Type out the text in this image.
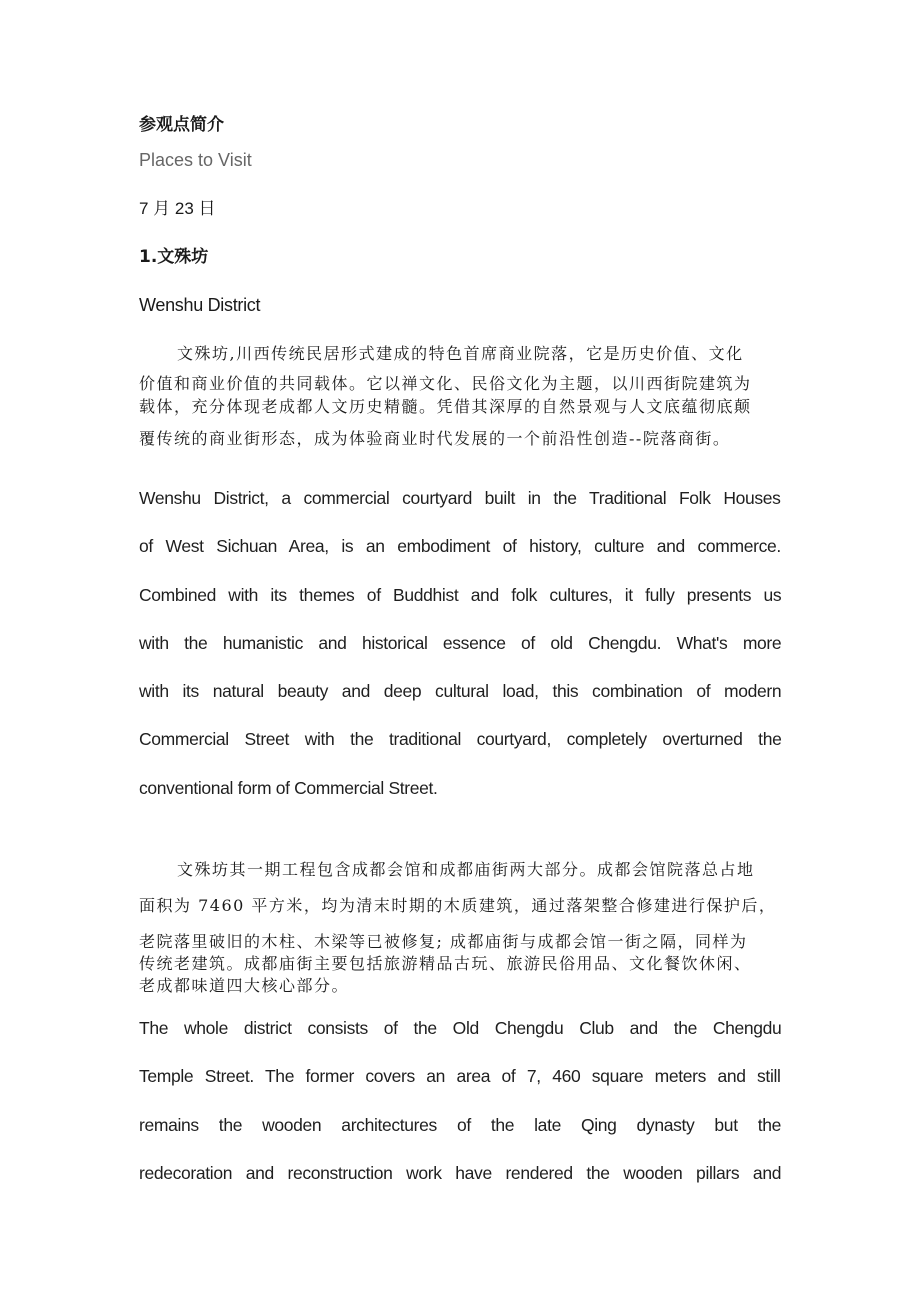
参观点简介
Places to Visit
7 月 23 日
1.文殊坊
Wenshu District
文殊坊,川西传统民居形式建成的特色首席商业院落，它是历史价值、文化
价值和商业价值的共同载体。它以禅文化、民俗文化为主题，以川西街院建筑为
载体，充分体现老成都人文历史精髓。凭借其深厚的自然景观与人文底蕴彻底颠
覆传统的商业街形态，成为体验商业时代发展的一个前沿性创造--院落商街。
Wenshu District, a commercial courtyard built in the Traditional Folk Houses
of West Sichuan Area, is an embodiment of history, culture and commerce.
Combined with its themes of Buddhist and folk cultures, it fully presents us
with the humanistic and historical essence of old Chengdu. What's more
with its natural beauty and deep cultural load, this combination of modern
Commercial Street with the traditional courtyard, completely overturned the
conventional form of Commercial Street.
文殊坊其一期工程包含成都会馆和成都庙街两大部分。成都会馆院落总占地
面积为 7460 平方米，均为清末时期的木质建筑，通过落架整合修建进行保护后，
老院落里破旧的木柱、木梁等已被修复; 成都庙街与成都会馆一街之隔，同样为
传统老建筑。成都庙街主要包括旅游精品古玩、旅游民俗用品、文化餐饮休闲、
老成都味道四大核心部分。
The whole district consists of the Old Chengdu Club and the Chengdu
Temple Street. The former covers an area of 7, 460 square meters and still
remains the wooden architectures of the late Qing dynasty but the
redecoration and reconstruction work have rendered the wooden pillars and
